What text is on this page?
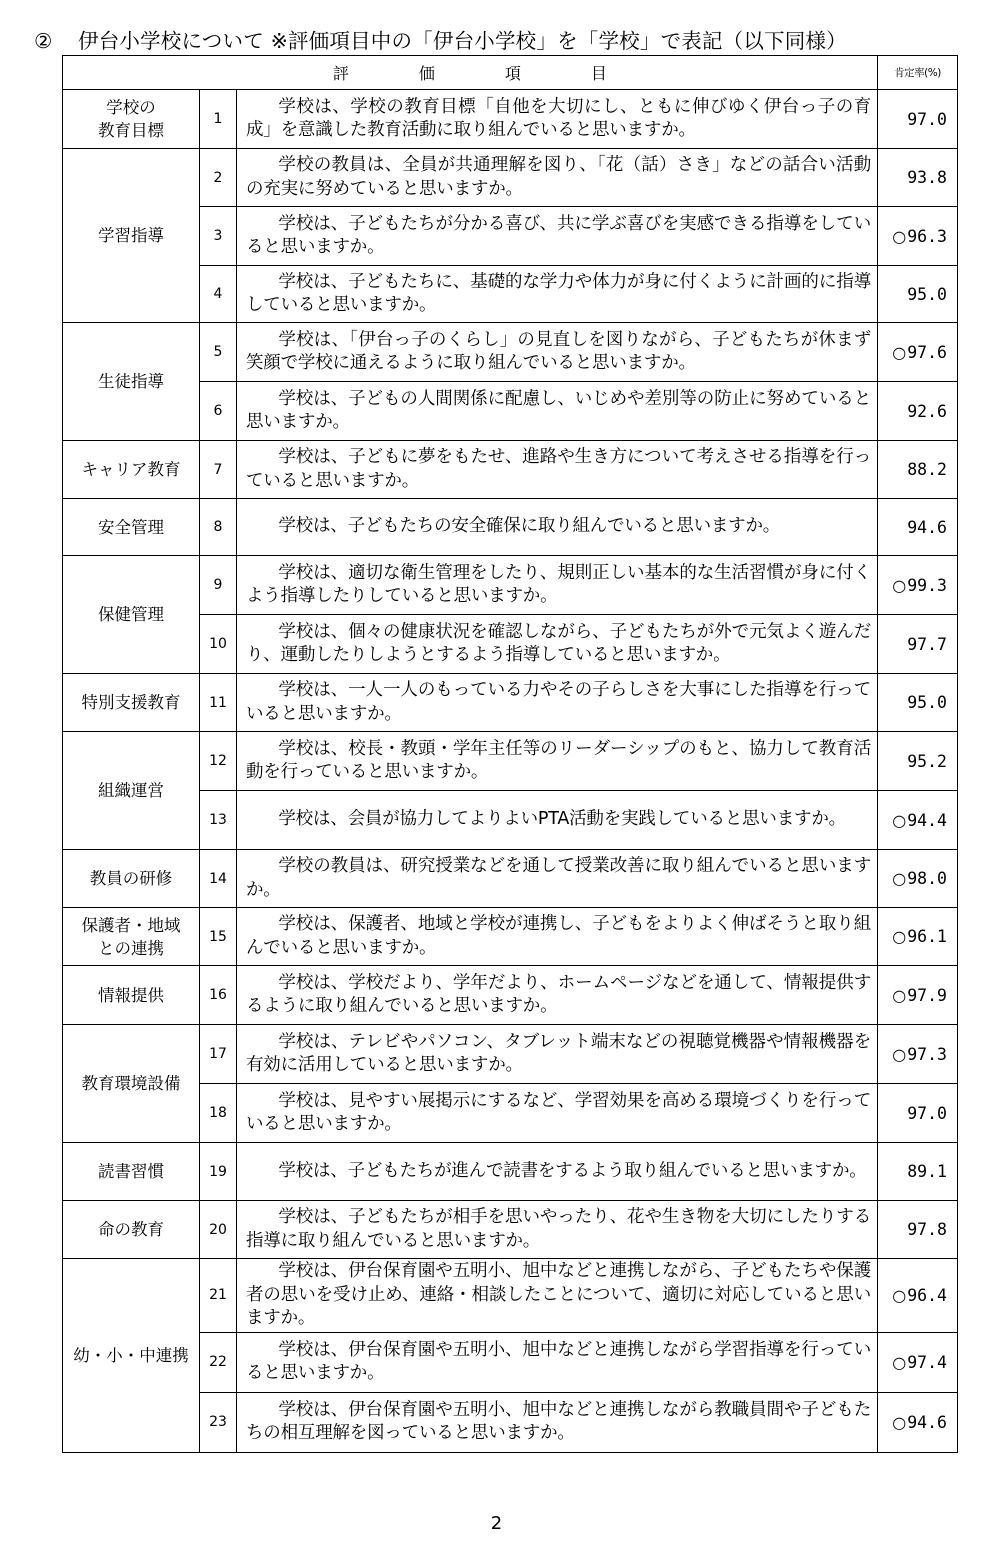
② 伊台小学校について ※評価項目中の「伊台小学校」を「学校」で表記（以下同様）
評 価 項 目			肯定率(%)
学校の
教育目標	1	学校は、学校の教育目標「自他を大切にし、ともに伸びゆく伊台っ子の育成」を意識した教育活動に取り組んでいると思いますか。	97.0
学習指導	2	学校の教員は、全員が共通理解を図り、「花（話）さき」などの話合い活動の充実に努めていると思いますか。	93.8
	3	学校は、子どもたちが分かる喜び、共に学ぶ喜びを実感できる指導をしていると思いますか。	○96.3
	4	学校は、子どもたちに、基礎的な学力や体力が身に付くように計画的に指導していると思いますか。	95.0
生徒指導	5	学校は、「伊台っ子のくらし」の見直しを図りながら、子どもたちが休まず笑顔で学校に通えるように取り組んでいると思いますか。	○97.6
	6	学校は、子どもの人間関係に配慮し、いじめや差別等の防止に努めていると思いますか。	92.6
キャリア教育	7	学校は、子どもに夢をもたせ、進路や生き方について考えさせる指導を行っていると思いますか。	88.2
安全管理	8	学校は、子どもたちの安全確保に取り組んでいると思いますか。	94.6
保健管理	9	学校は、適切な衛生管理をしたり、規則正しい基本的な生活習慣が身に付くよう指導したりしていると思いますか。	○99.3
	10	学校は、個々の健康状況を確認しながら、子どもたちが外で元気よく遊んだり、運動したりしようとするよう指導していると思いますか。	97.7
特別支援教育	11	学校は、一人一人のもっている力やその子らしさを大事にした指導を行っていると思いますか。	95.0
組織運営	12	学校は、校長・教頭・学年主任等のリーダーシップのもと、協力して教育活動を行っていると思いますか。	95.2
	13	学校は、会員が協力してよりよいPTA活動を実践していると思いますか。	○94.4
教員の研修	14	学校の教員は、研究授業などを通して授業改善に取り組んでいると思いますか。	○98.0
保護者・地域
との連携	15	学校は、保護者、地域と学校が連携し、子どもをよりよく伸ばそうと取り組んでいると思いますか。	○96.1
情報提供	16	学校は、学校だより、学年だより、ホームページなどを通して、情報提供するように取り組んでいると思いますか。	○97.9
教育環境設備	17	学校は、テレビやパソコン、タブレット端末などの視聴覚機器や情報機器を有効に活用していると思いますか。	○97.3
	18	学校は、見やすい展掲示にするなど、学習効果を高める環境づくりを行っていると思いますか。	97.0
読書習慣	19	学校は、子どもたちが進んで読書をするよう取り組んでいると思いますか。	89.1
命の教育	20	学校は、子どもたちが相手を思いやったり、花や生き物を大切にしたりする指導に取り組んでいると思いますか。	97.8
幼・小・中連携	21	学校は、伊台保育園や五明小、旭中などと連携しながら、子どもたちや保護者の思いを受け止め、連絡・相談したことについて、適切に対応していると思いますか。	○96.4
	22	学校は、伊台保育園や五明小、旭中などと連携しながら学習指導を行っていると思いますか。	○97.4
	23	学校は、伊台保育園や五明小、旭中などと連携しながら教職員間や子どもたちの相互理解を図っていると思いますか。	○94.6
2
